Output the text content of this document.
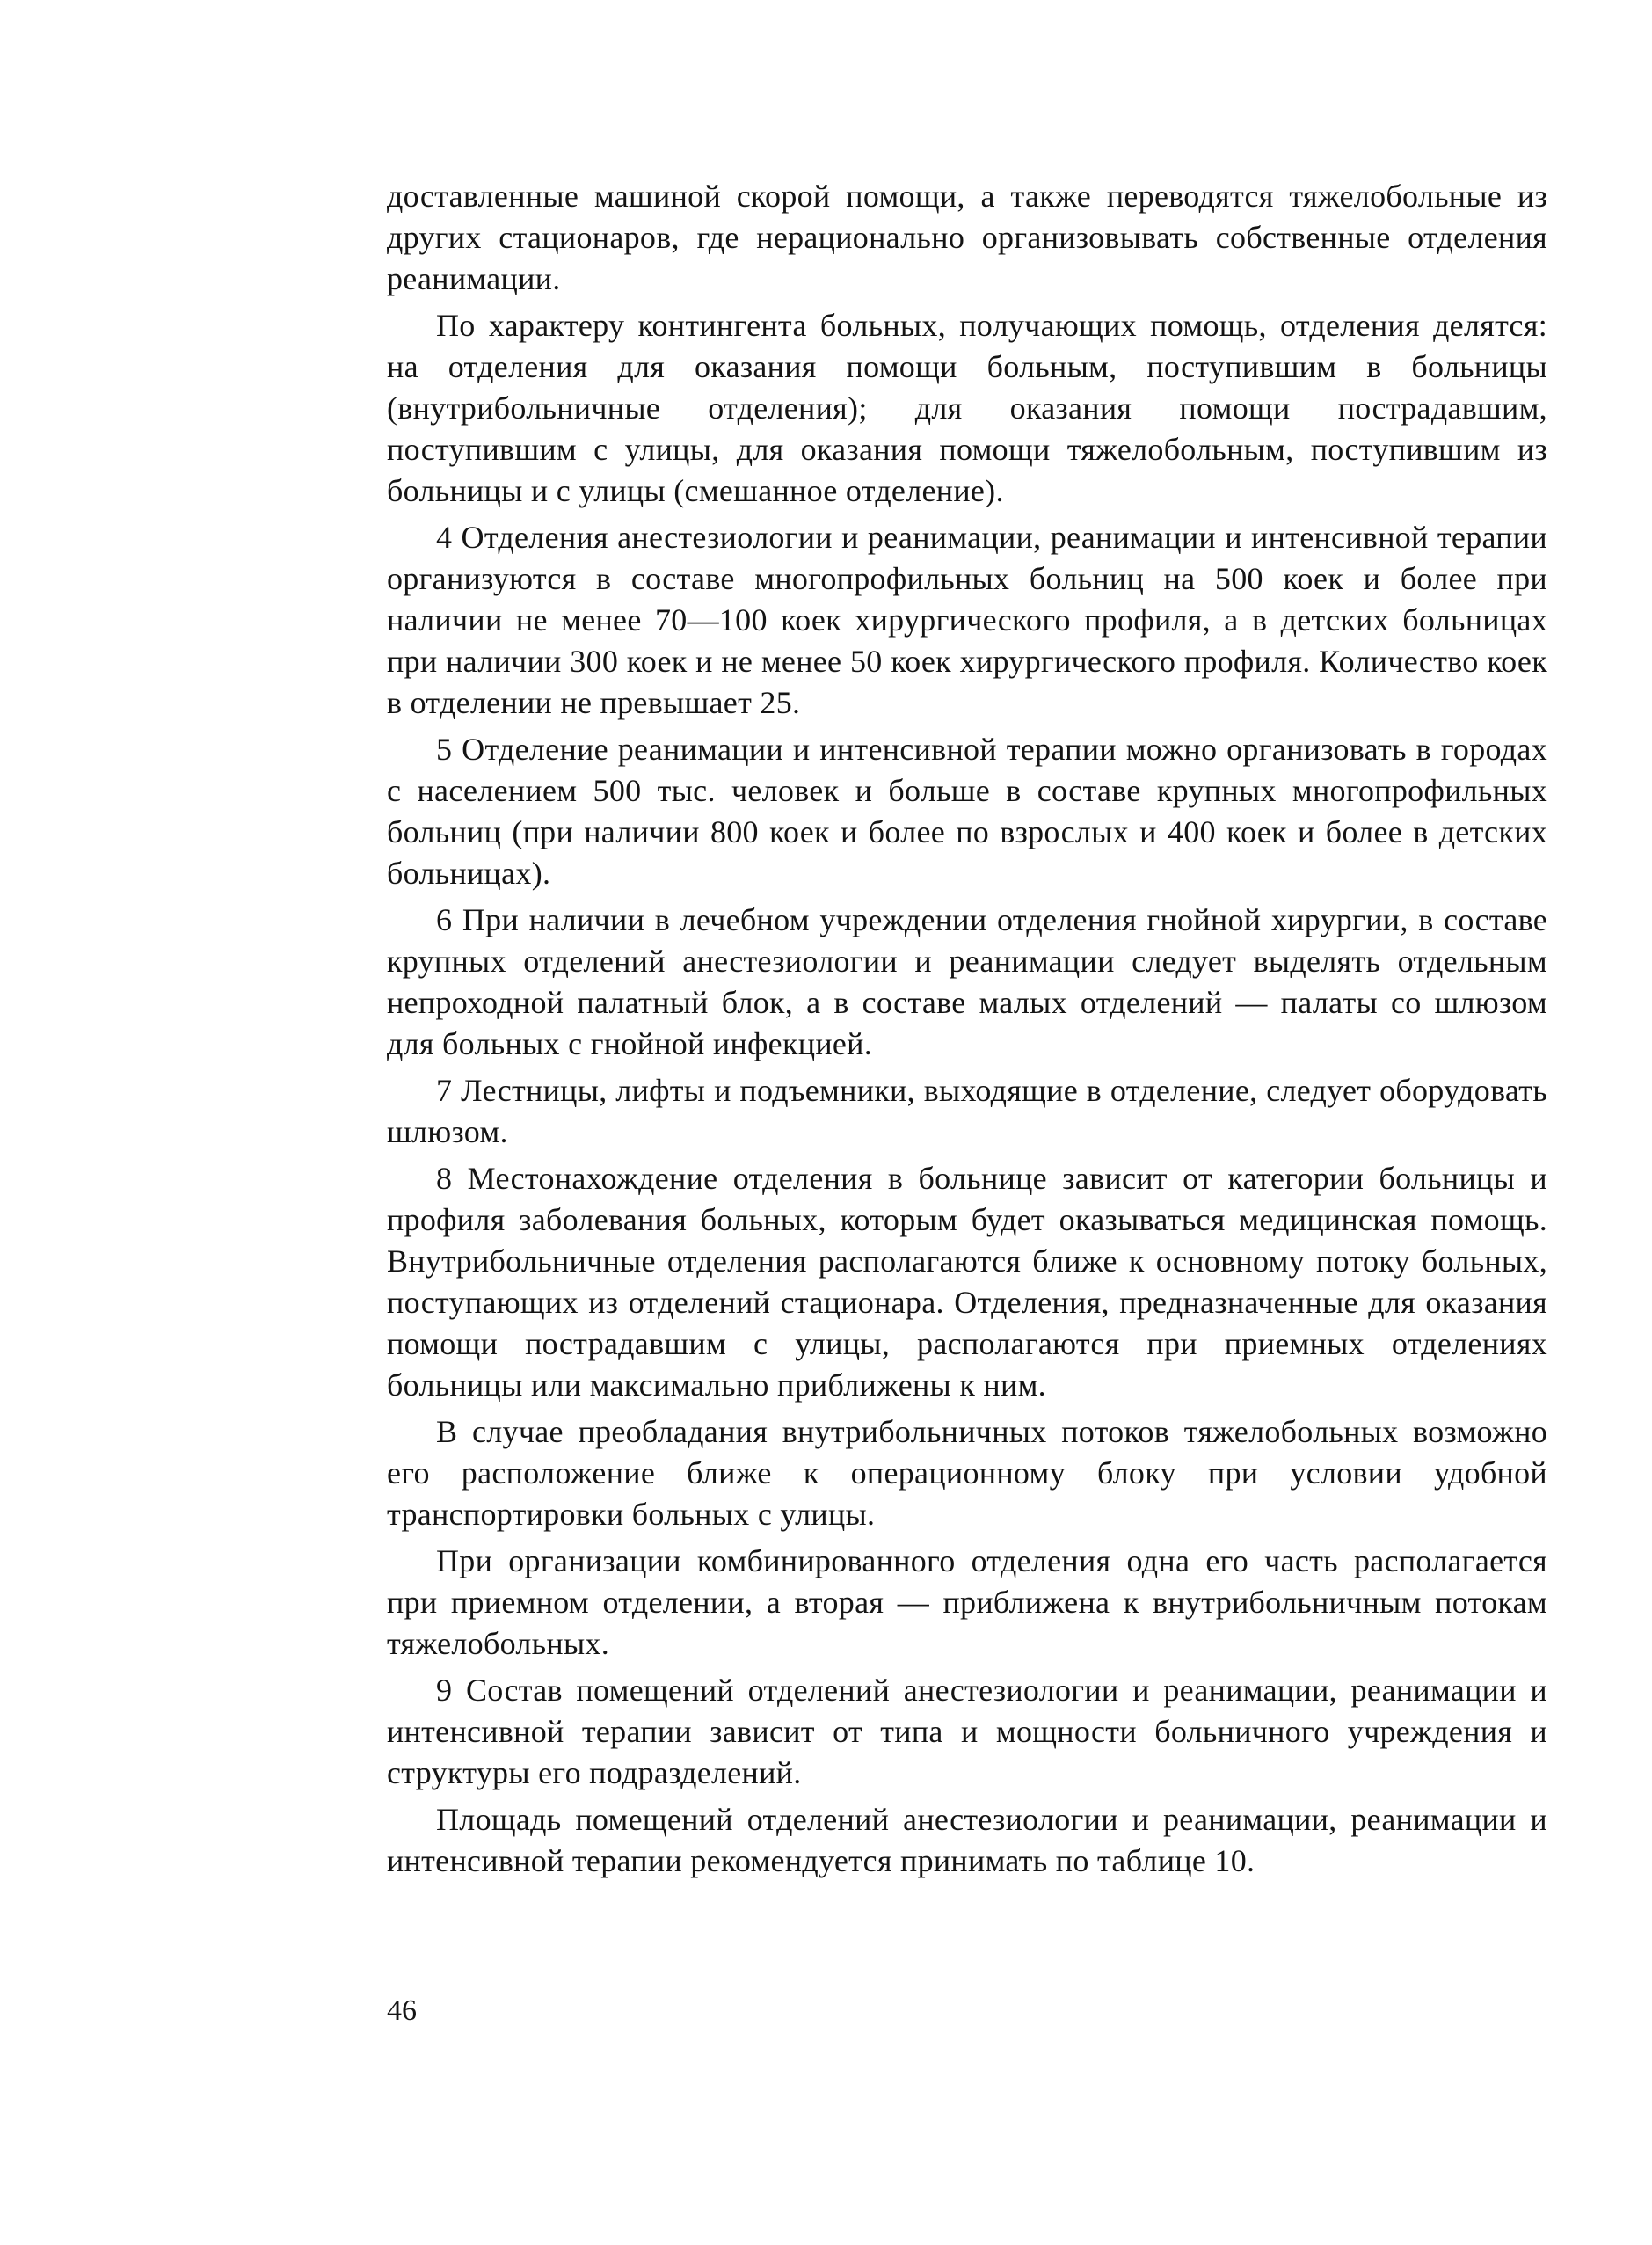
доставленные машиной скорой помощи, а также переводятся тяжелобольные из других стационаров, где нерационально организовывать собственные отделения реанимации.

По характеру контингента больных, получающих помощь, отделения делятся: на отделения для оказания помощи больным, поступившим в больницы (внутрибольничные отделения); для оказания помощи пострадавшим, поступившим с улицы, для оказания помощи тяжелобольным, поступившим из больницы и с улицы (смешанное отделение).

4 Отделения анестезиологии и реанимации, реанимации и интенсивной терапии организуются в составе многопрофильных больниц на 500 коек и более при наличии не менее 70—100 коек хирургического профиля, а в детских больницах при наличии 300 коек и не менее 50 коек хирургического профиля. Количество коек в отделении не превышает 25.

5 Отделение реанимации и интенсивной терапии можно организовать в городах с населением 500 тыс. человек и больше в составе крупных многопрофильных больниц (при наличии 800 коек и более по взрослых и 400 коек и более в детских больницах).

6 При наличии в лечебном учреждении отделения гнойной хирургии, в составе крупных отделений анестезиологии и реанимации следует выделять отдельным непроходной палатный блок, а в составе малых отделений — палаты со шлюзом для больных с гнойной инфекцией.

7 Лестницы, лифты и подъемники, выходящие в отделение, следует оборудовать шлюзом.

8 Местонахождение отделения в больнице зависит от категории больницы и профиля заболевания больных, которым будет оказываться медицинская помощь. Внутрибольничные отделения располагаются ближе к основному потоку больных, поступающих из отделений стационара. Отделения, предназначенные для оказания помощи пострадавшим с улицы, располагаются при приемных отделениях больницы или максимально приближены к ним.

В случае преобладания внутрибольничных потоков тяжелобольных возможно его расположение ближе к операционному блоку при условии удобной транспортировки больных с улицы.

При организации комбинированного отделения одна его часть располагается при приемном отделении, а вторая — приближена к внутрибольничным потокам тяжелобольных.

9 Состав помещений отделений анестезиологии и реанимации, реанимации и интенсивной терапии зависит от типа и мощности больничного учреждения и структуры его подразделений.

Площадь помещений отделений анестезиологии и реанимации, реанимации и интенсивной терапии рекомендуется принимать по таблице 10.

46
